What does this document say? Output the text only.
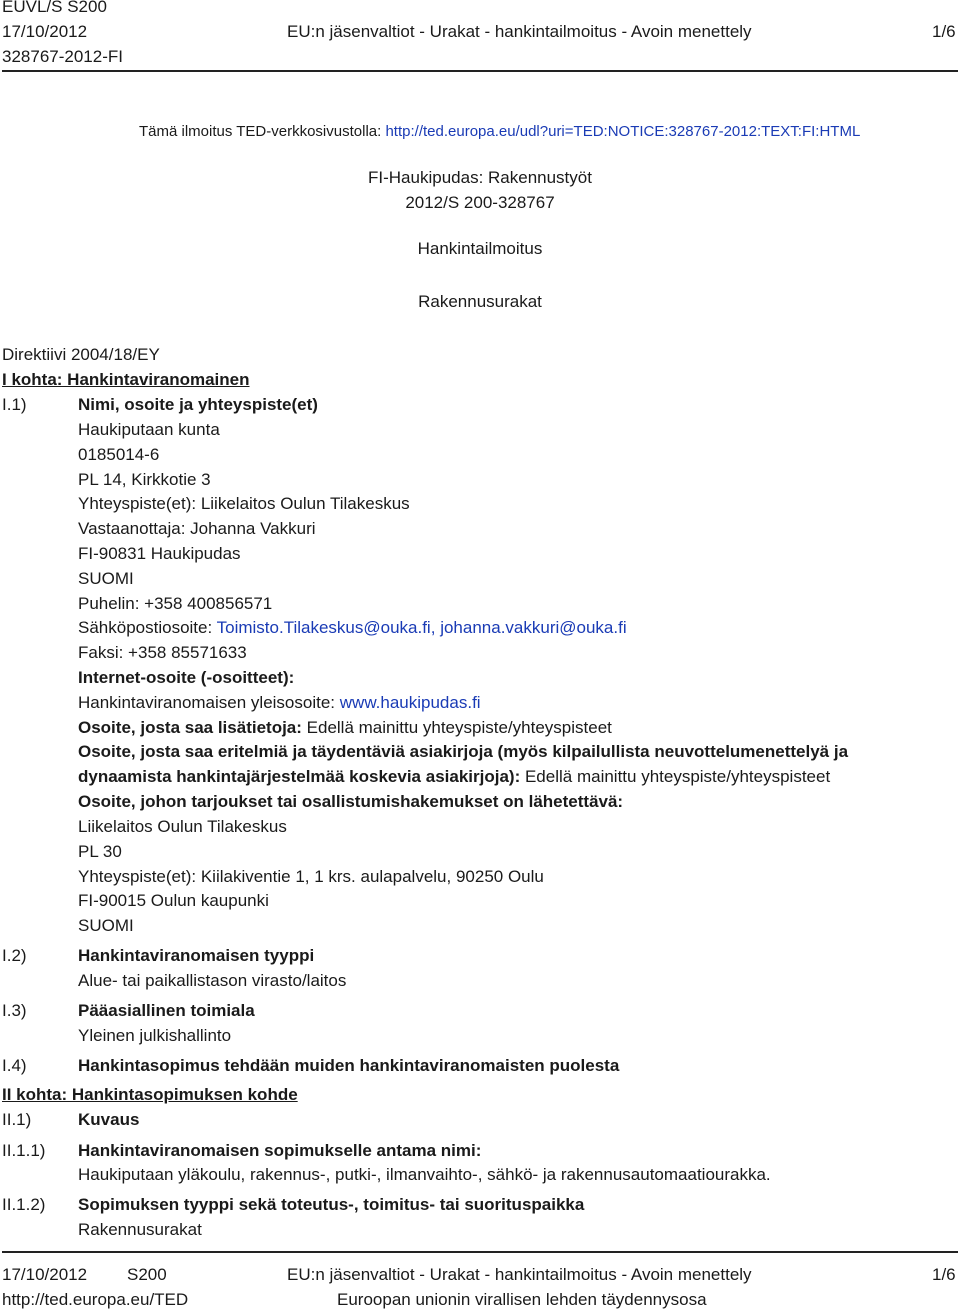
EUVL/S S200
17/10/2012
328767-2012-FI
EU:n jäsenvaltiot - Urakat - hankintailmoitus - Avoin menettely	1/6
Tämä ilmoitus TED-verkkosivustolla: http://ted.europa.eu/udl?uri=TED:NOTICE:328767-2012:TEXT:FI:HTML
FI-Haukipudas: Rakennustyöt
2012/S 200-328767
Hankintailmoitus
Rakennusurakat
Direktiivi 2004/18/EY
I kohta: Hankintaviranomainen
I.1)	Nimi, osoite ja yhteyspiste(et)
Haukiputaan kunta
0185014-6
PL 14, Kirkkotie 3
Yhteyspiste(et): Liikelaitos Oulun Tilakeskus
Vastaanottaja: Johanna Vakkuri
FI-90831 Haukipudas
SUOMI
Puhelin: +358 400856571
Sähköpostiosoite: Toimisto.Tilakeskus@ouka.fi, johanna.vakkuri@ouka.fi
Faksi: +358 85571633
Internet-osoite (-osoitteet):
Hankintaviranomaisen yleisosoite: www.haukipudas.fi
Osoite, josta saa lisätietoja: Edellä mainittu yhteyspiste/yhteyspisteet
Osoite, josta saa eritelmiä ja täydentäviä asiakirjoja (myös kilpailullista neuvottelumenettelyä ja dynaamista hankintajärjestelmää koskevia asiakirjoja): Edellä mainittu yhteyspiste/yhteyspisteet
Osoite, johon tarjoukset tai osallistumishakemukset on lähetettävä:
Liikelaitos Oulun Tilakeskus
PL 30
Yhteyspiste(et): Kiilakiventie 1, 1 krs. aulapalvelu, 90250 Oulu
FI-90015 Oulun kaupunki
SUOMI
I.2)	Hankintaviranomaisen tyyppi
Alue- tai paikallistason virasto/laitos
I.3)	Pääasiallinen toimiala
Yleinen julkishallinto
I.4)	Hankintasopimus tehdään muiden hankintaviranomaisten puolesta
II kohta: Hankintasopimuksen kohde
II.1)	Kuvaus
II.1.1) Hankintaviranomaisen sopimukselle antama nimi:
Haukiputaan yläkoulu, rakennus-, putki-, ilmanvaihto-, sähkö- ja rakennusautomaatiourakka.
II.1.2) Sopimuksen tyyppi sekä toteutus-, toimitus- tai suorituspaikka
Rakennusurakat
17/10/2012 S200
http://ted.europa.eu/TED
EU:n jäsenvaltiot - Urakat - hankintailmoitus - Avoin menettely
Euroopan unionin virallisen lehden täydennysosa
1/6
